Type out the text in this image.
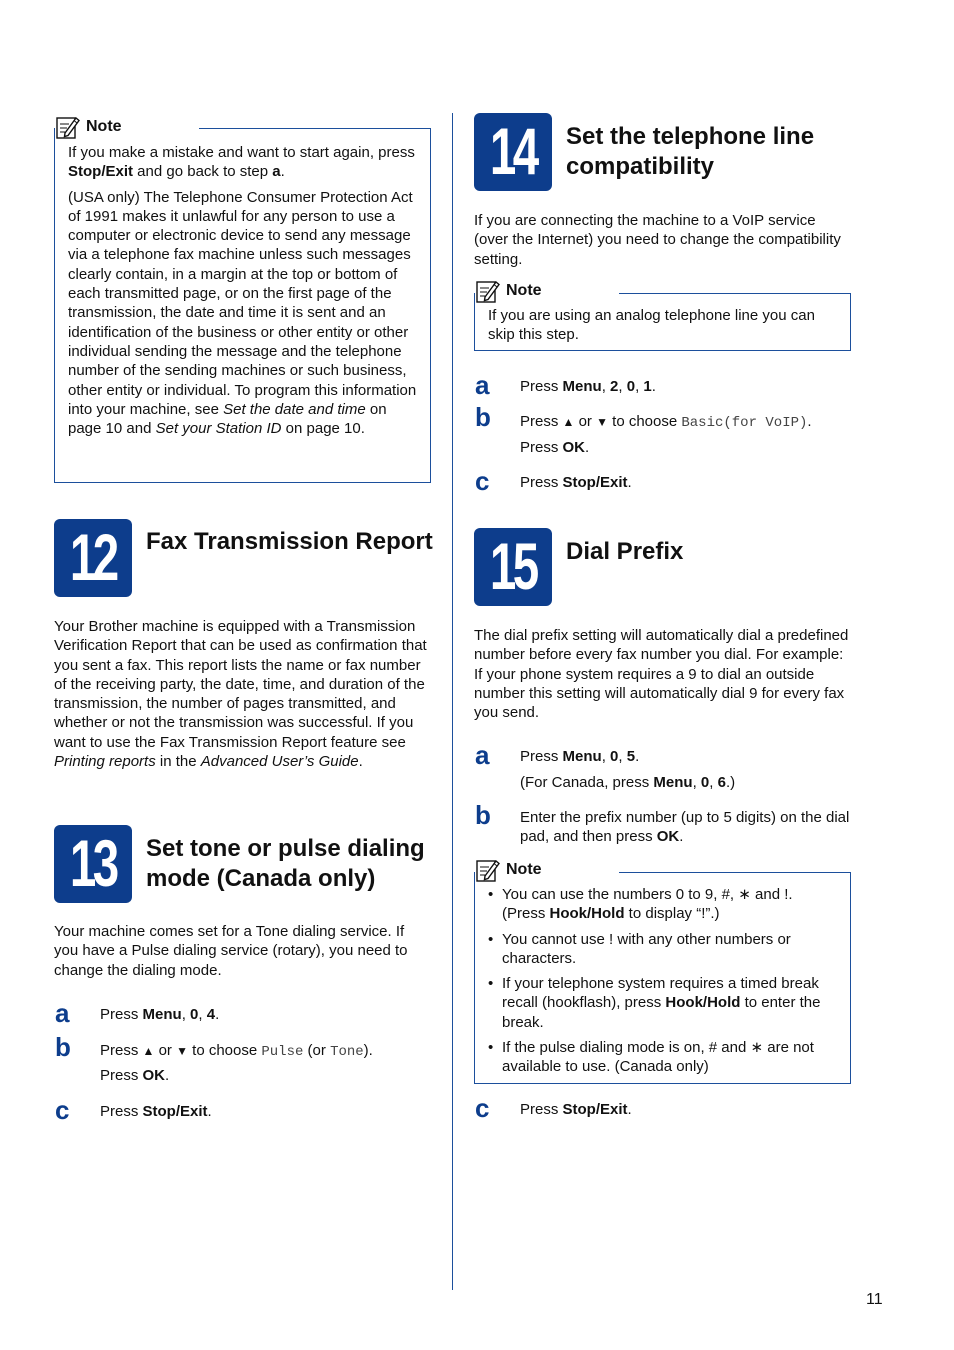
Note

If you make a mistake and want to start again, press Stop/Exit and go back to step a.

(USA only) The Telephone Consumer Protection Act of 1991 makes it unlawful for any person to use a computer or electronic device to send any message via a telephone fax machine unless such messages clearly contain, in a margin at the top or bottom of each transmitted page, or on the first page of the transmission, the date and time it is sent and an identification of the business or other entity or other individual sending the message and the telephone number of the sending machines or such business, other entity or individual. To program this information into your machine, see Set the date and time on page 10 and Set your Station ID on page 10.

12 Fax Transmission Report
Your Brother machine is equipped with a Transmission Verification Report that can be used as confirmation that you sent a fax. This report lists the name or fax number of the receiving party, the date, time, and duration of the transmission, the number of pages transmitted, and whether or not the transmission was successful. If you want to use the Fax Transmission Report feature see Printing reports in the Advanced User’s Guide.
13 Set tone or pulse dialing
mode (Canada only)
Your machine comes set for a Tone dialing service. If you have a Pulse dialing service (rotary), you need to change the dialing mode.
a Press Menu, 0, 4.
b Press ▲ or ▼ to choose Pulse (or Tone).
Press OK.
c Press Stop/Exit.
14 Set the telephone line
compatibility
If you are connecting the machine to a VoIP service (over the Internet) you need to change the compatibility setting.
Note
If you are using an analog telephone line you can skip this step.
a Press Menu, 2, 0, 1.
b Press ▲ or ▼ to choose Basic(for VoIP).
Press OK.
c Press Stop/Exit.
15 Dial Prefix
The dial prefix setting will automatically dial a predefined number before every fax number you dial. For example: If your phone system requires a 9 to dial an outside number this setting will automatically dial 9 for every fax you send.
a Press Menu, 0, 5.
(For Canada, press Menu, 0, 6.)
b Enter the prefix number (up to 5 digits) on the dial pad, and then press OK.
Note
• You can use the numbers 0 to 9, #, ∗ and !. (Press Hook/Hold to display “!”.)
• You cannot use ! with any other numbers or characters.
• If your telephone system requires a timed break recall (hookflash), press Hook/Hold to enter the break.
• If the pulse dialing mode is on, # and ∗ are not available to use. (Canada only)
c Press Stop/Exit.
11
